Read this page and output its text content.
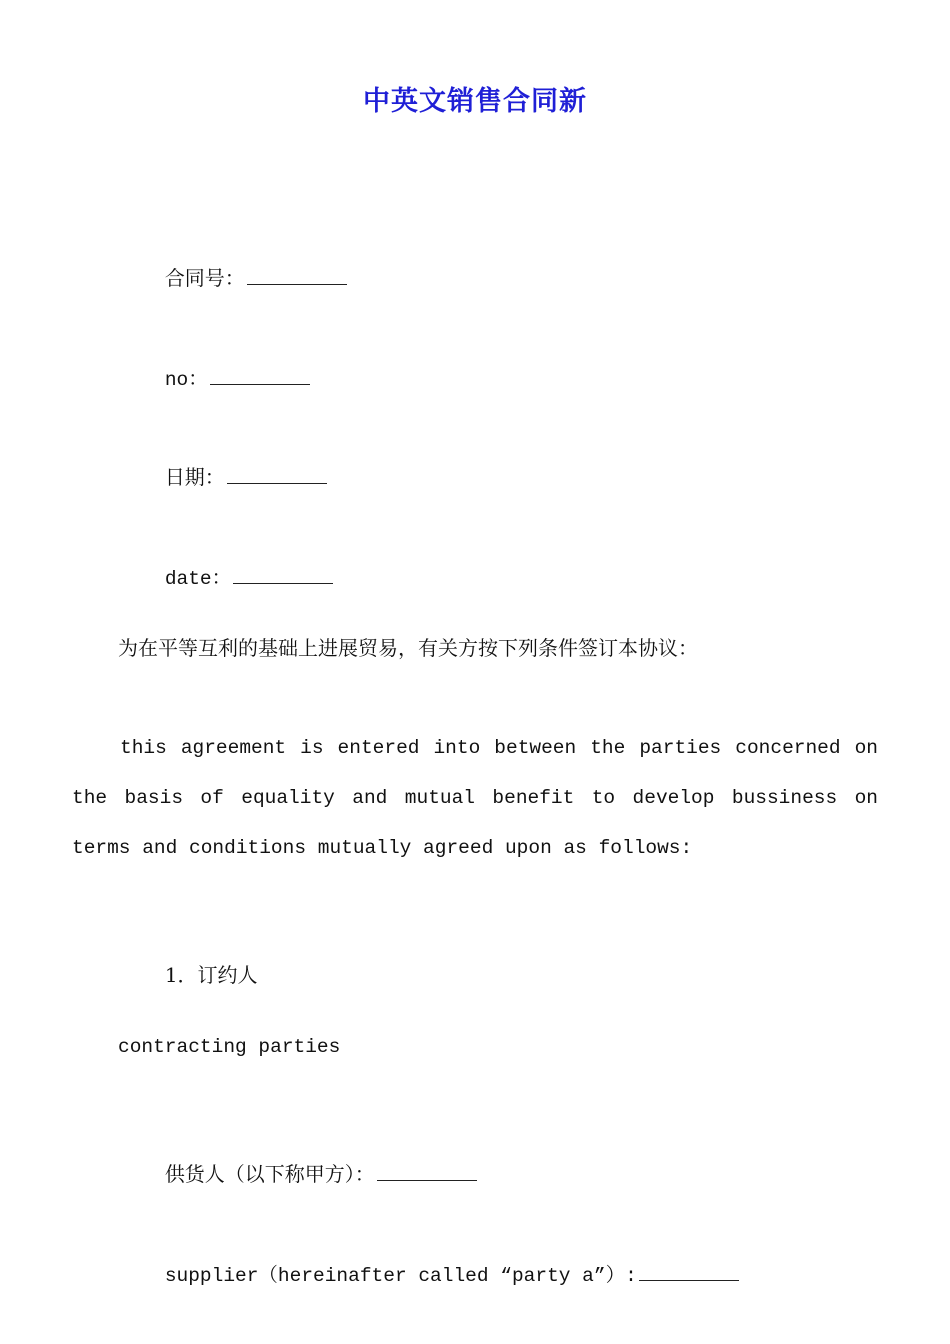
中英文销售合同新

合同号：

no：

日期：

date：

为在平等互利的基础上进展贸易，有关方按下列条件签订本协议：
this agreement is entered into between the parties concerned on the basis of equality and mutual benefit to develop bussiness on terms and conditions mutually agreed upon as follows:

1．订约人

contracting parties

供货人（以下称甲方）：

supplier（hereinafter called “party a”）:
